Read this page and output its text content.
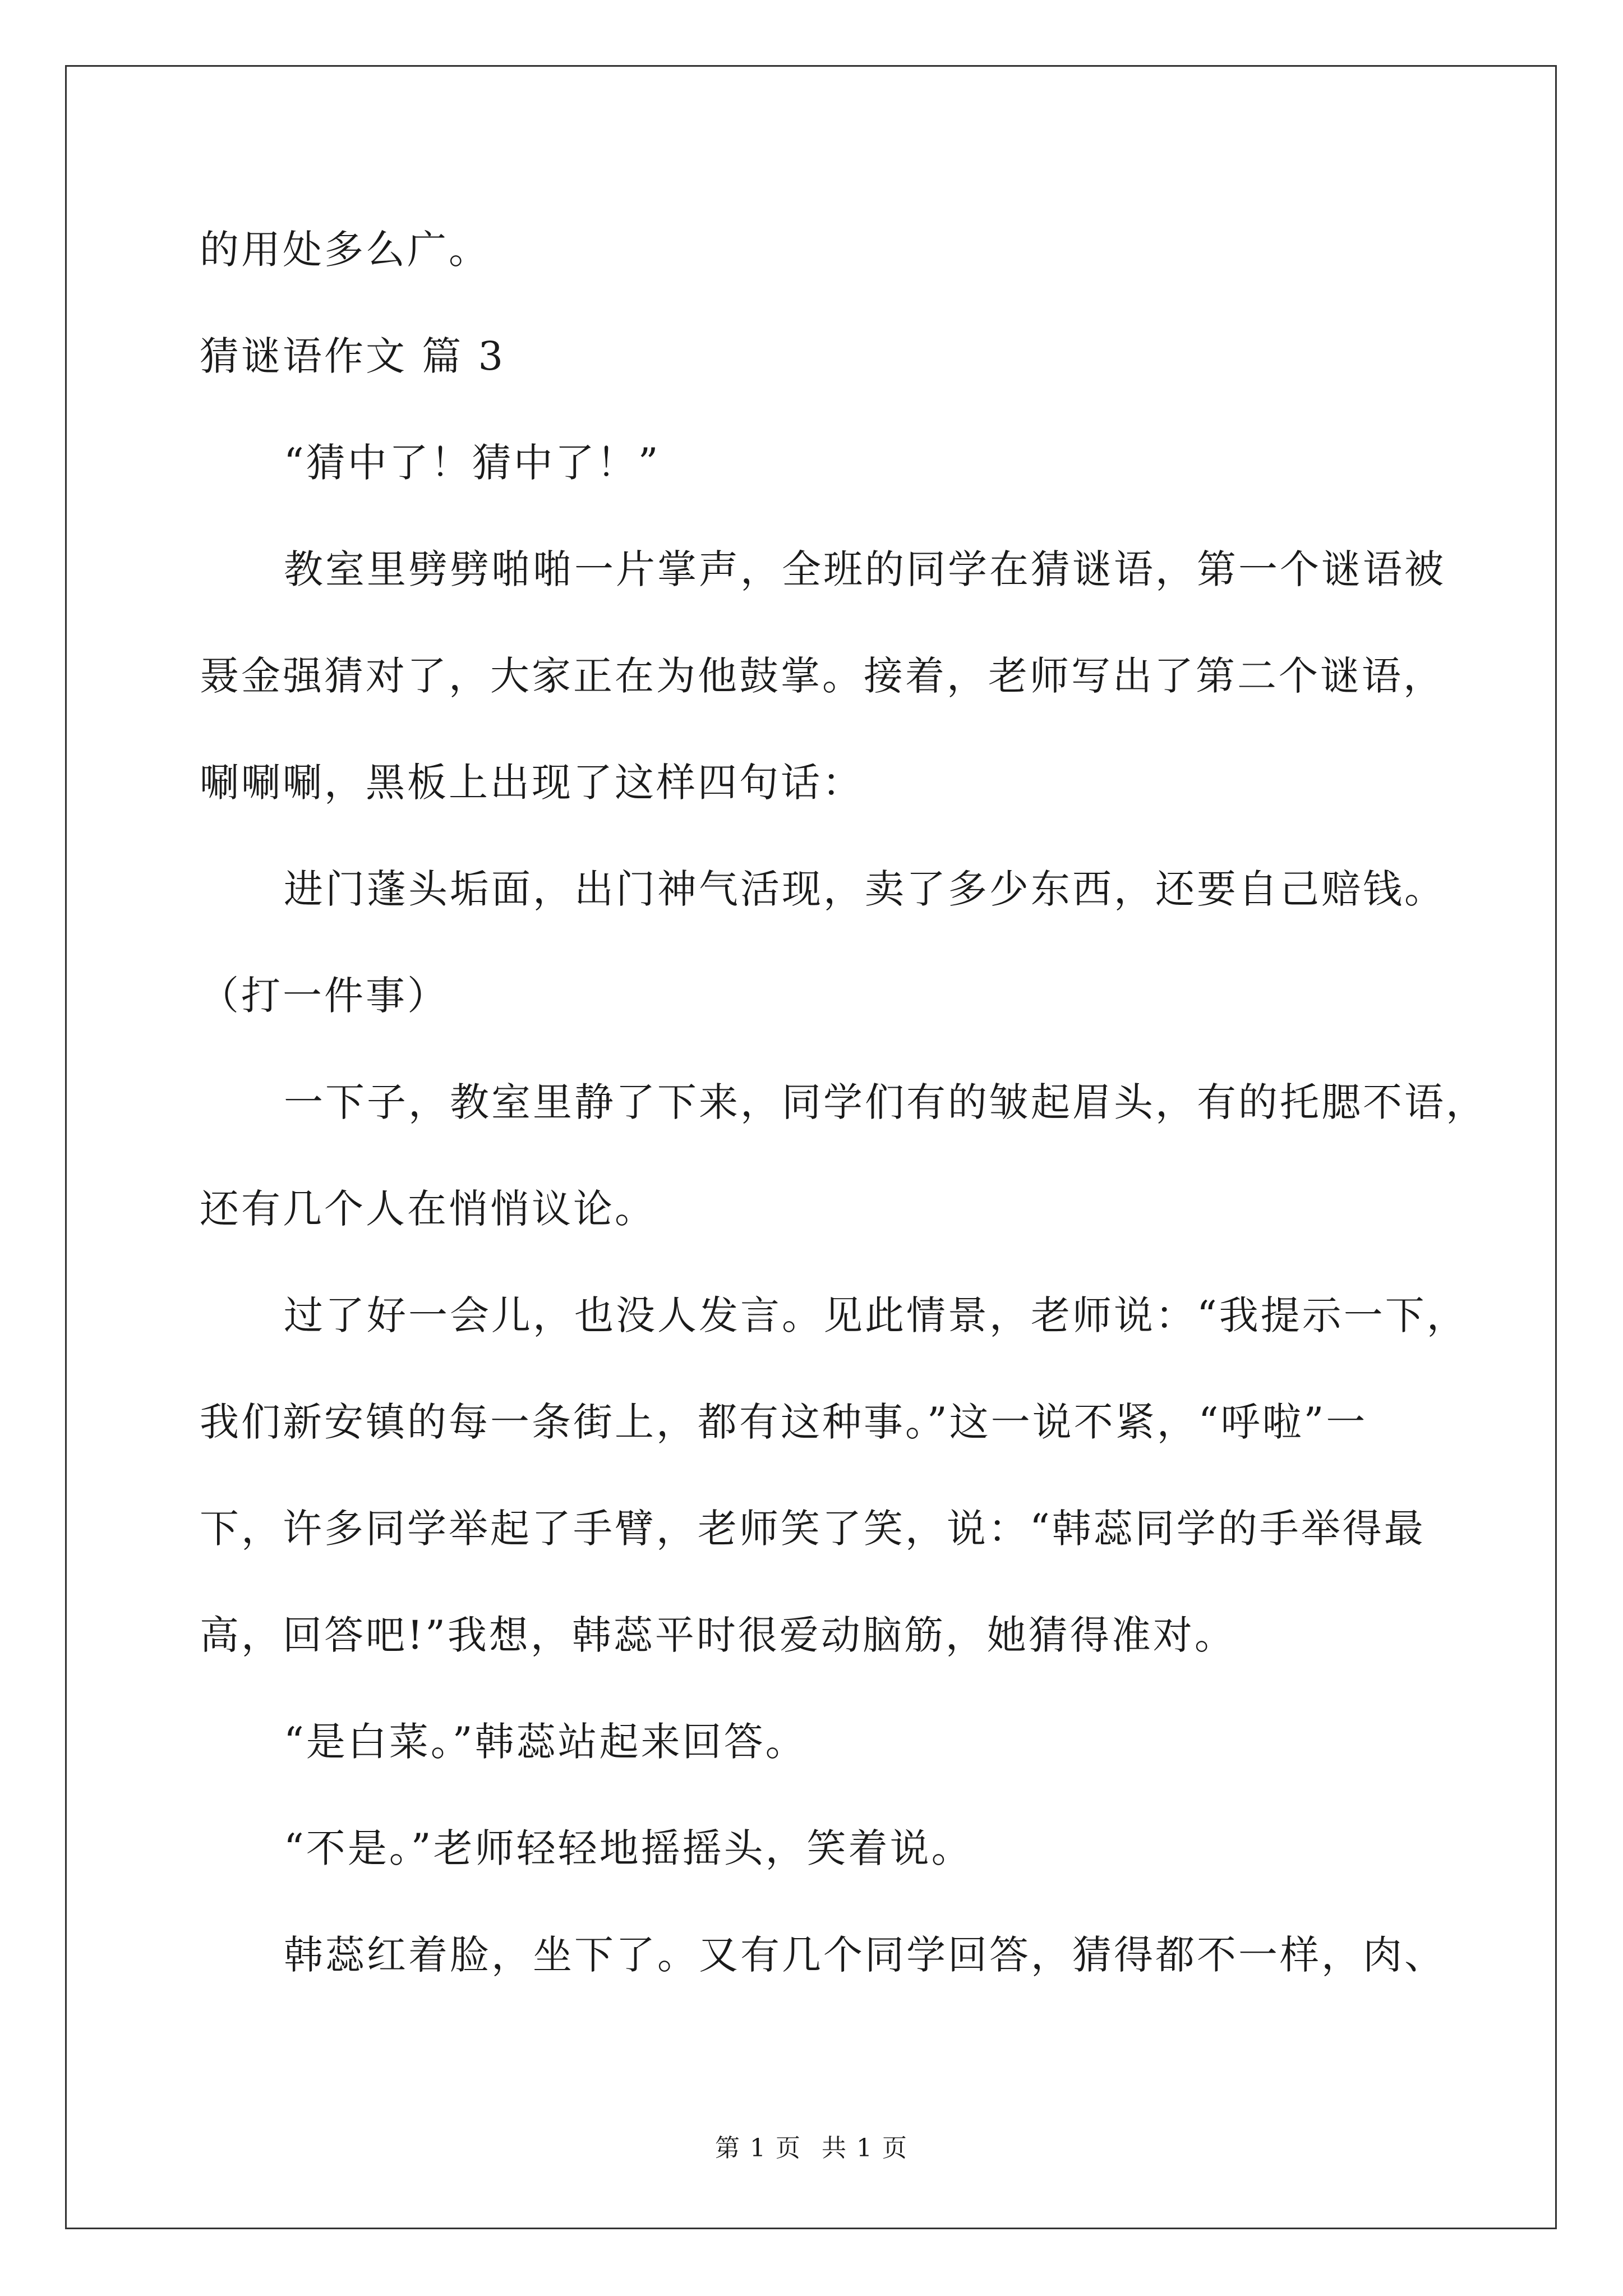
的用处多么广。
猜谜语作文 篇 3
“猜中了！猜中了！”
教室里劈劈啪啪一片掌声，全班的同学在猜谜语，第一个谜语被
聂金强猜对了，大家正在为他鼓掌。接着，老师写出了第二个谜语，
唰唰唰，黑板上出现了这样四句话：
进门蓬头垢面，出门神气活现，卖了多少东西，还要自己赔钱。
（打一件事）
一下子，教室里静了下来，同学们有的皱起眉头，有的托腮不语，
还有几个人在悄悄议论。
过了好一会儿，也没人发言。见此情景，老师说：“我提示一下，
我们新安镇的每一条街上，都有这种事。”这一说不紧，“呼啦”一
下，许多同学举起了手臂，老师笑了笑，说：“韩蕊同学的手举得最
高，回答吧!”我想，韩蕊平时很爱动脑筋，她猜得准对。
“是白菜。”韩蕊站起来回答。
“不是。”老师轻轻地摇摇头，笑着说。
韩蕊红着脸，坐下了。又有几个同学回答，猜得都不一样，肉、
第 1 页 共 1 页
